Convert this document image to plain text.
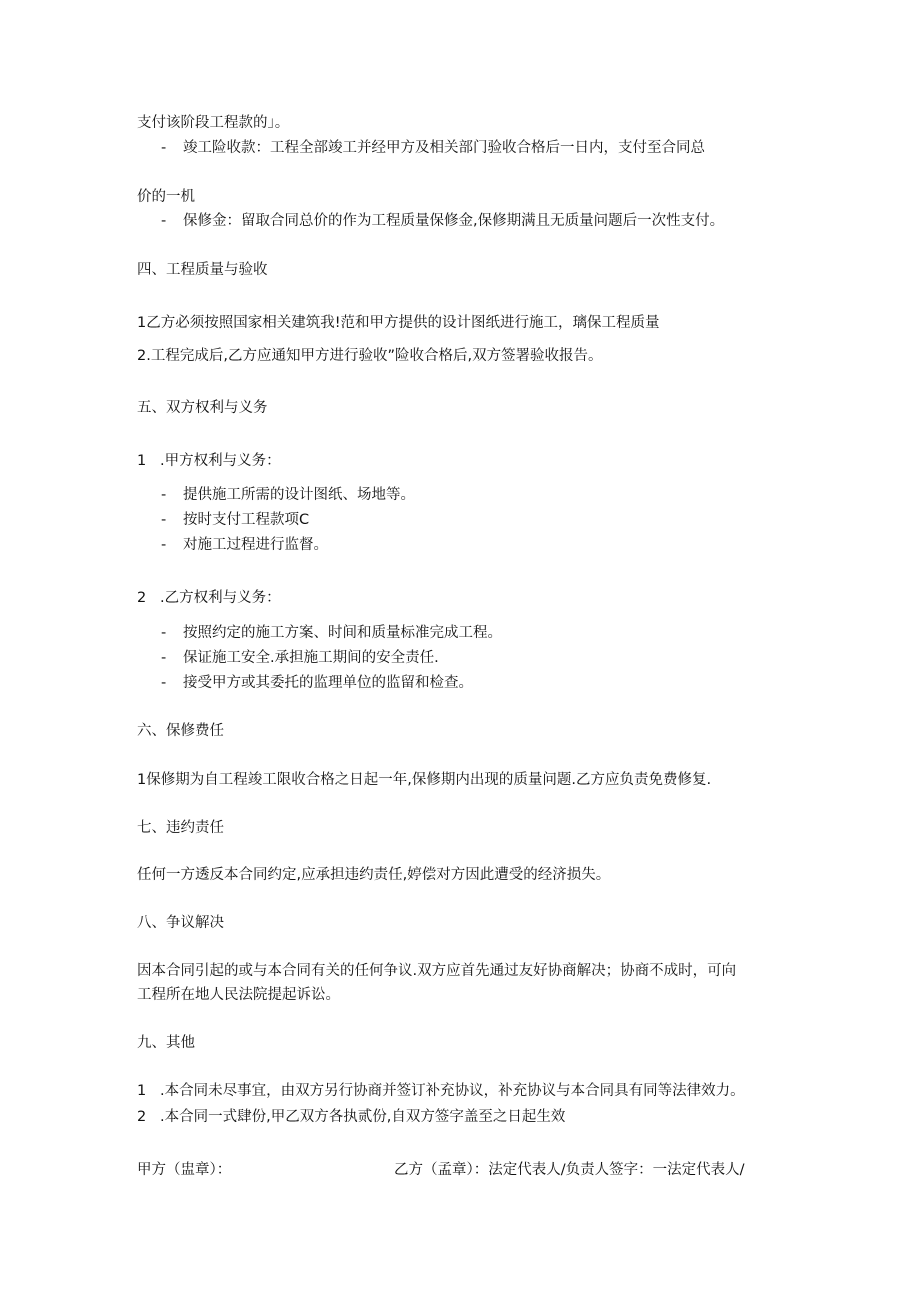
支付该阶段工程款的」。
- 竣工险收款：工程全部竣工并经甲方及相关部门验收合格后一日内，支付至合同总
价的一机
- 保修金：留取合同总价的作为工程质量保修金,保修期满且无质量问题后一次性支付。
四、工程质量与验收
1乙方必须按照国家相关建筑我!范和甲方提供的设计图纸进行施工，璃保工程质量
2.工程完成后,乙方应通知甲方进行验收”险收合格后,双方签署验收报告。
五、双方权利与义务
1 .甲方权利与义务：
- 提供施工所需的设计图纸、场地等。
- 按时支付工程款项C
- 对施工过程进行监督。
2 .乙方权利与义务：
- 按照约定的施工方案、时间和质量标准完成工程。
- 保证施工安全.承担施工期间的安全责任.
- 接受甲方或其委托的监理单位的监留和检查。
六、保修费任
1保修期为自工程竣工限收合格之日起一年,保修期内出现的质量问题.乙方应负责免费修复.
七、违约责任
任何一方透反本合同约定,应承担违约责任,婷偿对方因此遭受的经济损失。
八、争议解决
因本合同引起的或与本合同有关的任何争议.双方应首先通过友好协商解决；协商不成时，可向
工程所在地人民法院提起诉讼。
九、其他
1 .本合同未尽事宜，由双方另行协商并签订补充协议，补充协议与本合同具有同等法律效力。
2 .本合同一式肆份,甲乙双方各执贰份,自双方签字盖至之日起生效
甲方（盅章）：	乙方（孟章）：法定代表人/负责人签字：一法定代表人/
